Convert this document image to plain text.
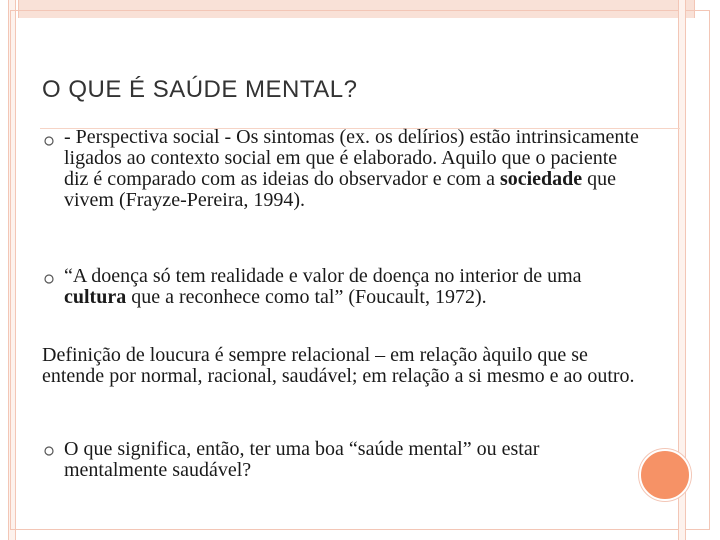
O QUE É SAÚDE MENTAL?

- Perspectiva social - Os sintomas (ex. os delírios) estão intrinsicamente ligados ao contexto social em que é elaborado. Aquilo que o paciente diz é comparado com as ideias do observador e com a sociedade que vivem (Frayze-Pereira, 1994).

“A doença só tem realidade e valor de doença no interior de uma cultura que a reconhece como tal” (Foucault, 1972).

Definição de loucura é sempre relacional – em relação àquilo que se entende por normal, racional, saudável; em relação a si mesmo e ao outro.

O que significa, então, ter uma boa “saúde mental” ou estar mentalmente saudável?
